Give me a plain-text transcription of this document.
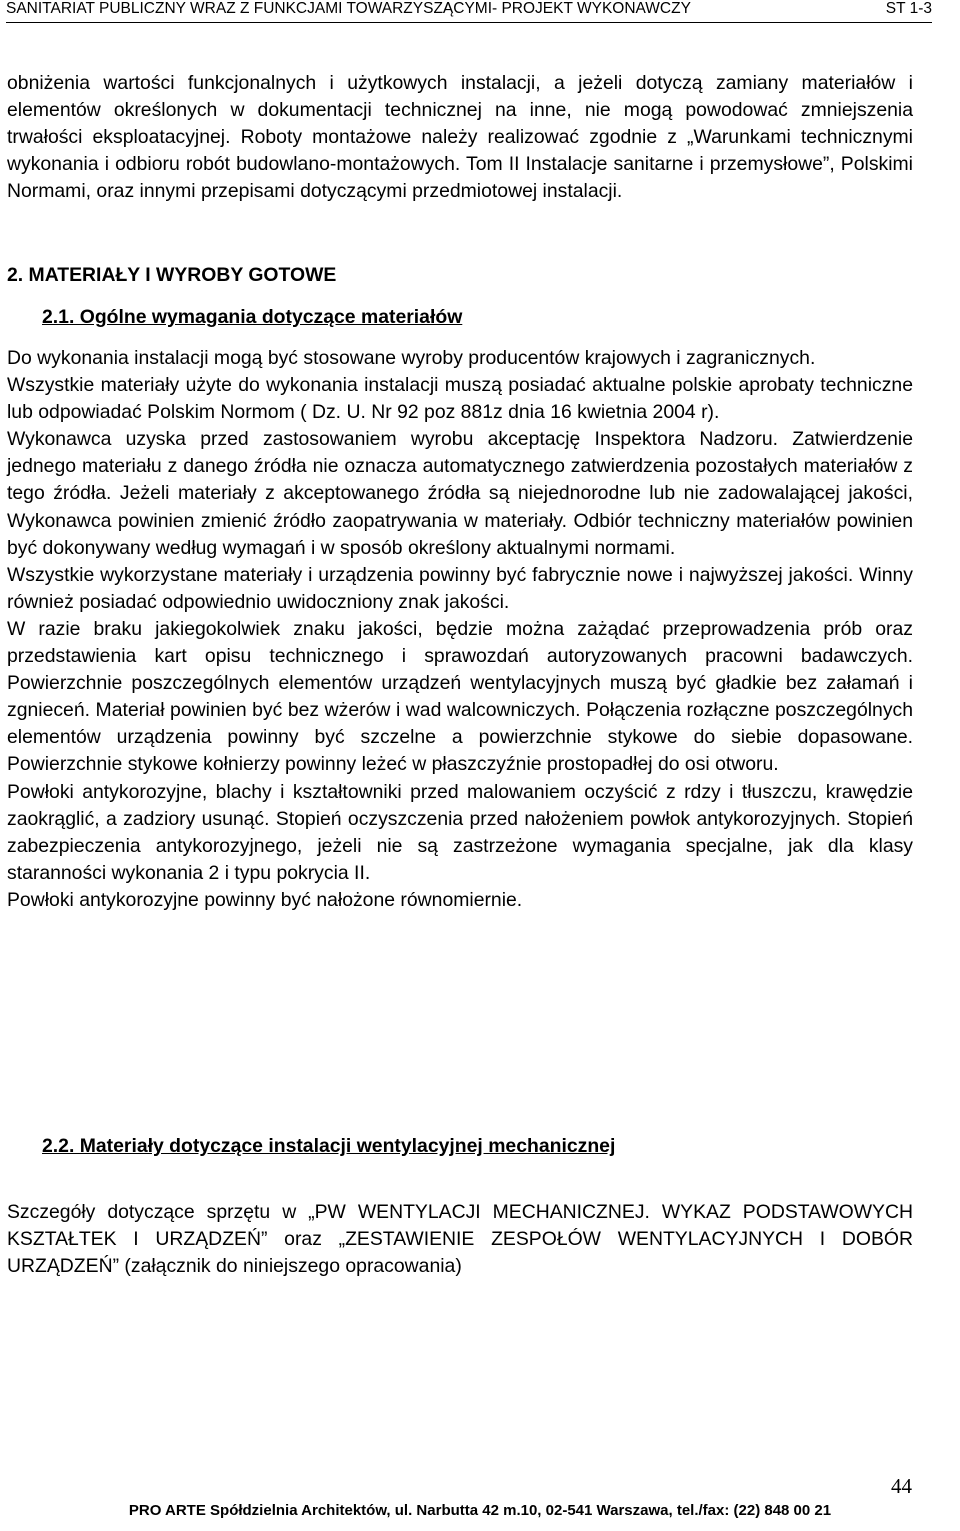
SANITARIAT PUBLICZNY WRAZ Z FUNKCJAMI TOWARZYSZĄCYMI- PROJEKT WYKONAWCZY	ST 1-3

obniżenia wartości funkcjonalnych i użytkowych instalacji, a jeżeli dotyczą zamiany materiałów i elementów określonych w dokumentacji technicznej na inne, nie mogą powodować zmniejszenia trwałości eksploatacyjnej. Roboty montażowe należy realizować zgodnie z „Warunkami technicznymi wykonania i odbioru robót budowlano-montażowych. Tom II Instalacje sanitarne i przemysłowe”, Polskimi Normami, oraz innymi przepisami dotyczącymi przedmiotowej instalacji.

2. MATERIAŁY I WYROBY GOTOWE
2.1. Ogólne wymagania dotyczące materiałów

Do wykonania instalacji mogą być stosowane wyroby producentów krajowych i zagranicznych.

Wszystkie materiały użyte do wykonania instalacji muszą posiadać aktualne polskie aprobaty techniczne lub odpowiadać Polskim Normom ( Dz. U. Nr 92 poz 881z dnia 16 kwietnia 2004 r).

Wykonawca uzyska przed zastosowaniem wyrobu akceptację Inspektora Nadzoru. Zatwierdzenie jednego materiału z danego źródła nie oznacza automatycznego zatwierdzenia pozostałych materiałów z tego źródła. Jeżeli materiały z akceptowanego źródła są niejednorodne lub nie zadowalającej jakości, Wykonawca powinien zmienić źródło zaopatrywania w materiały. Odbiór techniczny materiałów powinien być dokonywany według wymagań i w sposób określony aktualnymi normami.

Wszystkie wykorzystane materiały i urządzenia powinny być fabrycznie nowe i najwyższej jakości. Winny również posiadać odpowiednio uwidoczniony znak jakości.

W razie braku jakiegokolwiek znaku jakości, będzie można zażądać przeprowadzenia prób oraz przedstawienia kart opisu technicznego i sprawozdań autoryzowanych pracowni badawczych. Powierzchnie poszczególnych elementów urządzeń wentylacyjnych muszą być gładkie bez załamań i zgnieceń. Materiał powinien być bez wżerów i wad walcowniczych. Połączenia rozłączne poszczególnych elementów urządzenia powinny być szczelne a powierzchnie stykowe do siebie dopasowane. Powierzchnie stykowe kołnierzy powinny leżeć w płaszczyźnie prostopadłej do osi otworu.

Powłoki antykorozyjne, blachy i kształtowniki przed malowaniem oczyścić z rdzy i tłuszczu, krawędzie zaokrąglić, a zadziory usunąć. Stopień oczyszczenia przed nałożeniem powłok antykorozyjnych. Stopień zabezpieczenia antykorozyjnego, jeżeli nie są zastrzeżone wymagania specjalne, jak dla klasy staranności wykonania 2 i typu pokrycia II.

Powłoki antykorozyjne powinny być nałożone równomiernie.

2.2. Materiały dotyczące instalacji wentylacyjnej mechanicznej

Szczegóły dotyczące sprzętu w „PW WENTYLACJI MECHANICZNEJ. WYKAZ PODSTAWOWYCH KSZTAŁTEK I URZĄDZEŃ” oraz „ZESTAWIENIE ZESPOŁÓW WENTYLACYJNYCH I DOBÓR URZĄDZEŃ” (załącznik do niniejszego opracowania)

44
PRO ARTE Spółdzielnia Architektów, ul. Narbutta 42 m.10, 02-541 Warszawa, tel./fax: (22) 848 00 21
